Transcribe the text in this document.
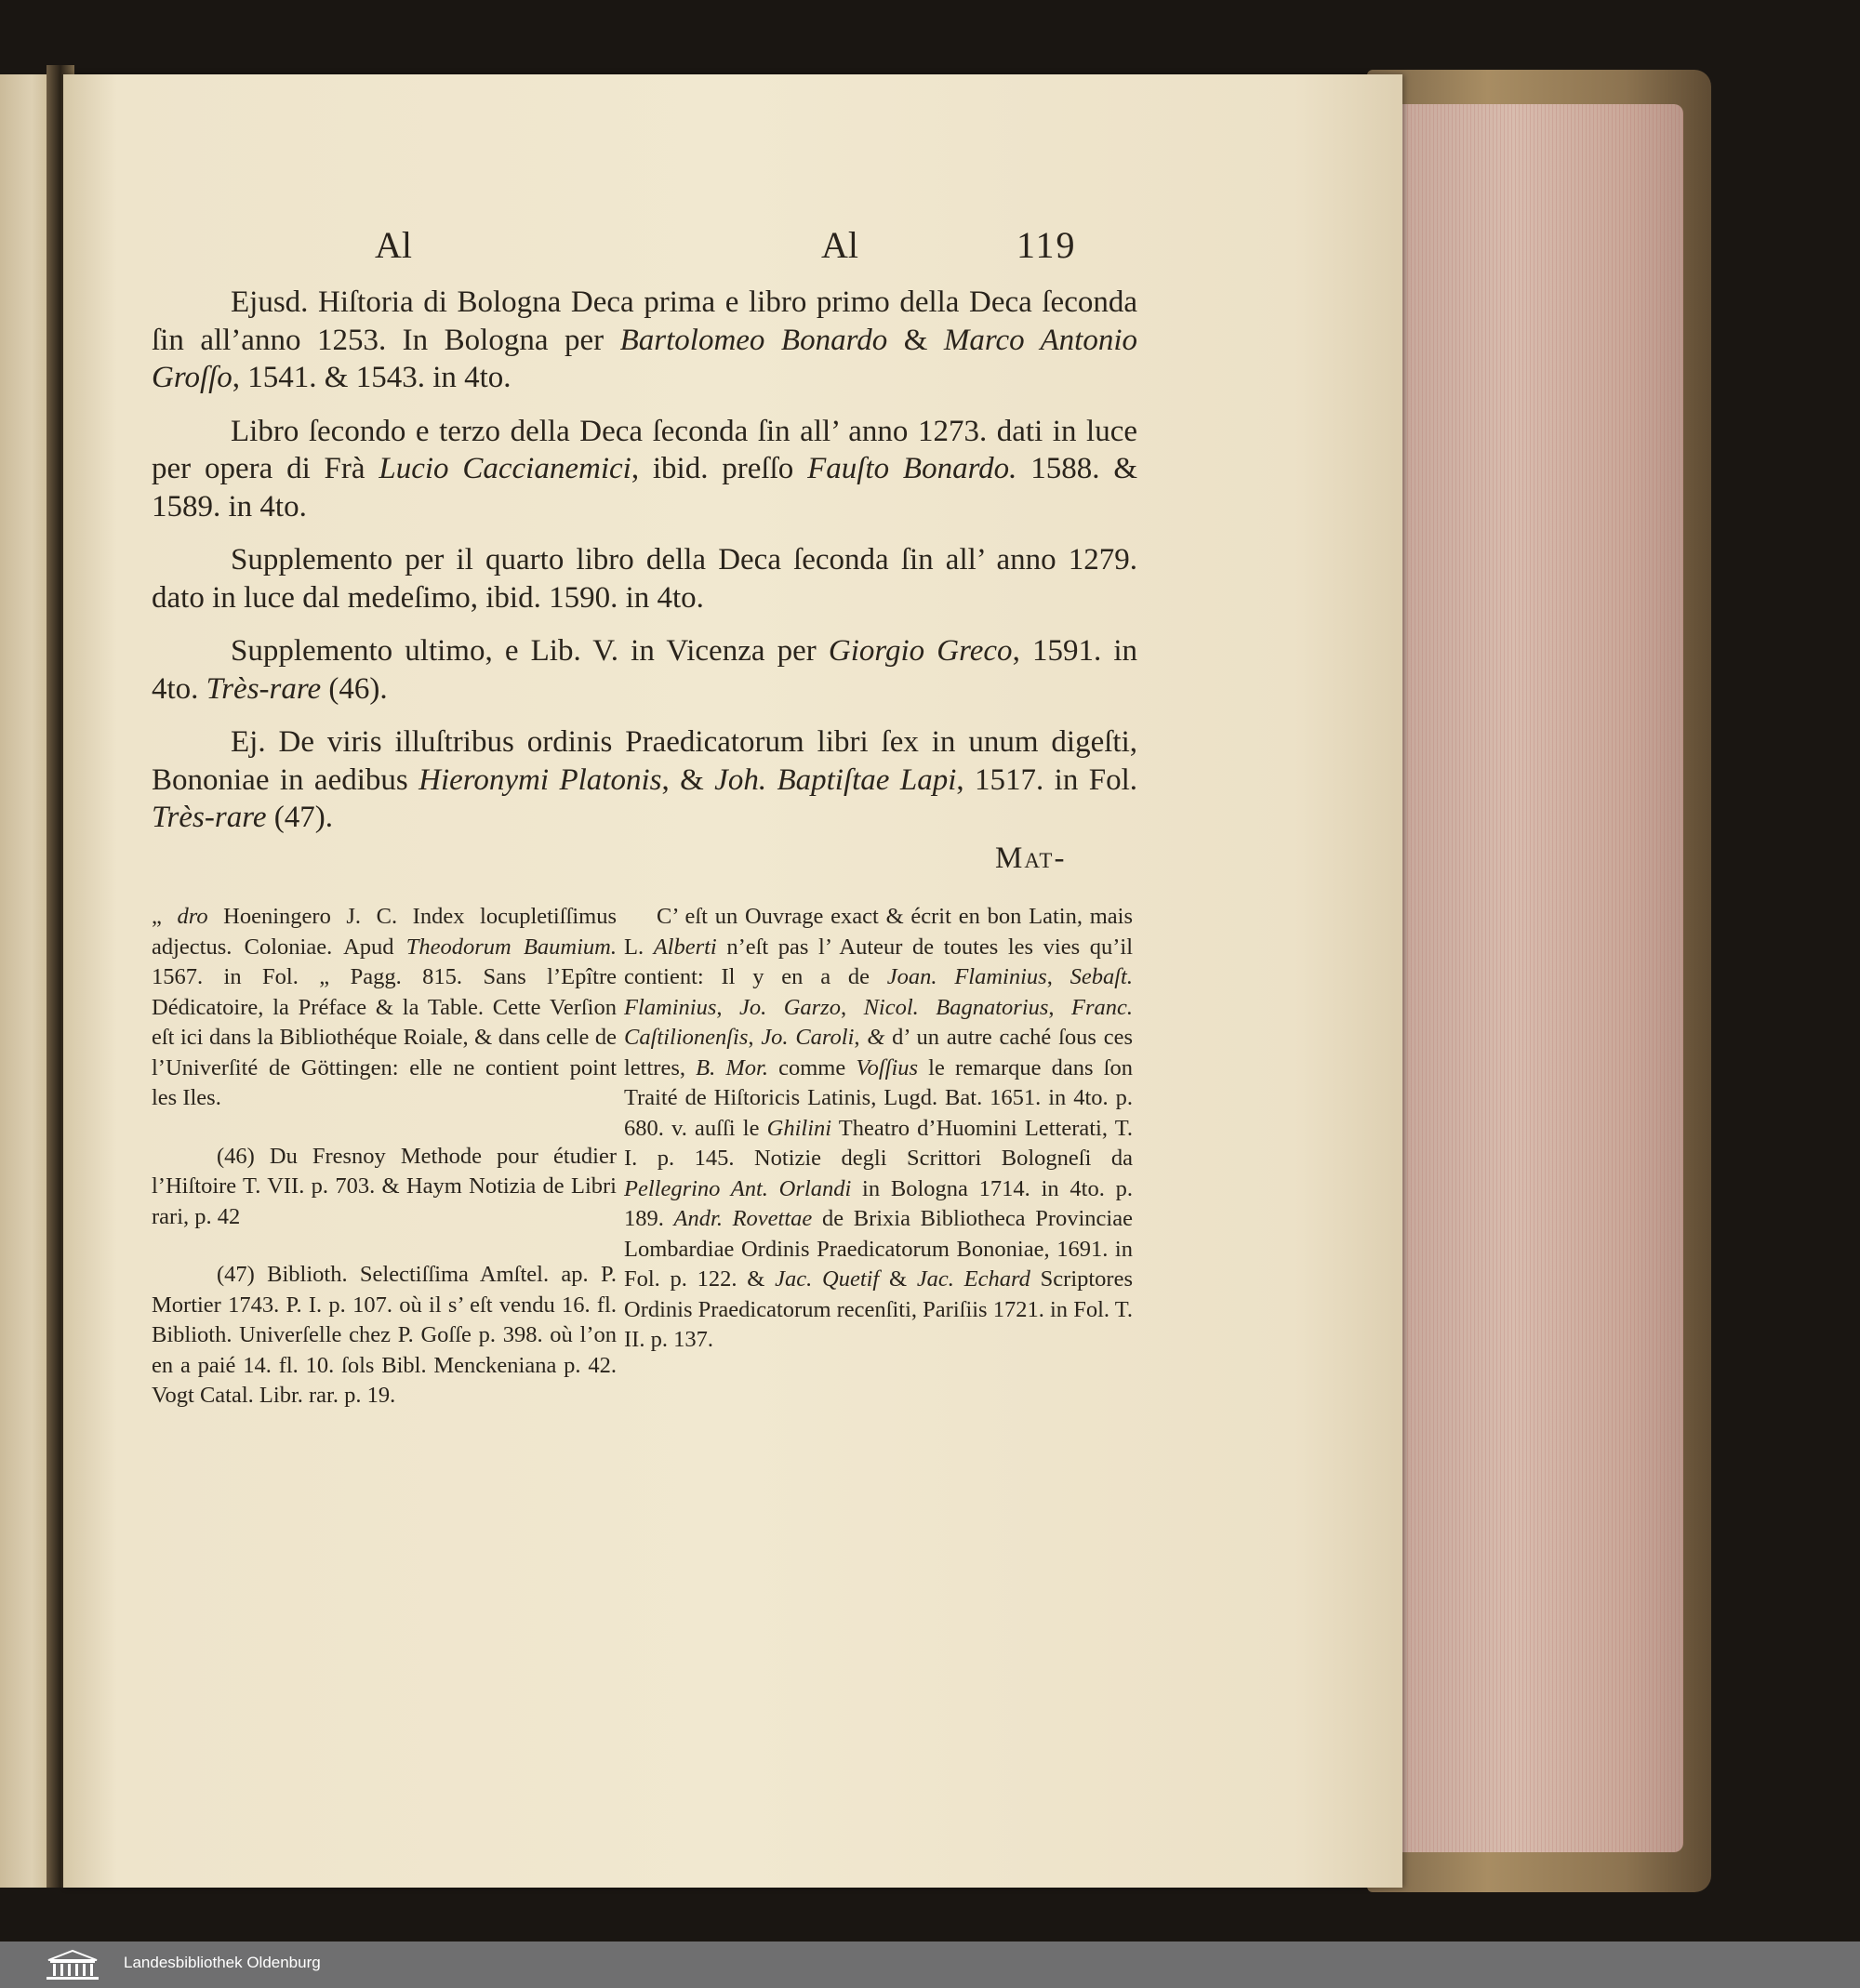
Al	Al	119

Ejusd. Hiſtoria di Bologna Deca prima e libro primo della Deca ſeconda ſin all’anno 1253. In Bologna per Bartolomeo Bonardo & Marco Antonio Groſſo, 1541. & 1543. in 4to.

Libro ſecondo e terzo della Deca ſeconda ſin all’ anno 1273. dati in luce per opera di Frà Lucio Caccianemici, ibid. preſſo Fauſto Bonardo. 1588. & 1589. in 4to.

Supplemento per il quarto libro della Deca ſeconda ſin all’ anno 1279. dato in luce dal medeſimo, ibid. 1590. in 4to.

Supplemento ultimo, e Lib. V. in Vicenza per Giorgio Greco, 1591. in 4to. Très-rare (46).

Ej. De viris illuſtribus ordinis Praedicatorum libri ſex in unum digeſti, Bononiae in aedibus Hieronymi Platonis, & Joh. Baptiſtae Lapi, 1517. in Fol. Très-rare (47).

Mat-

„ dro Hoeningero J. C. Index locupletiſſimus adjectus. Coloniae. Apud Theodorum Baumium. 1567. in Fol. „ Pagg. 815. Sans l’Epître Dédicatoire, la Préface & la Table. Cette Verſion eſt ici dans la Bibliothéque Roiale, & dans celle de l’Univerſité de Göttingen: elle ne contient point les Iles.

(46) Du Fresnoy Methode pour étudier l’Hiſtoire T. VII. p. 703. & Haym Notizia de Libri rari, p. 42

(47) Biblioth. Selectiſſima Amſtel. ap. P. Mortier 1743. P. I. p. 107. où il s’ eſt vendu 16. fl. Biblioth. Univerſelle chez P. Goſſe p. 398. où l’on en a paié 14. fl. 10. ſols Bibl. Menckeniana p. 42. Vogt Catal. Libr. rar. p. 19.

C’ eſt un Ouvrage exact & écrit en bon Latin, mais L. Alberti n’eſt pas l’ Auteur de toutes les vies qu’il contient: Il y en a de Joan. Flaminius, Sebaſt. Flaminius, Jo. Garzo, Nicol. Bagnatorius, Franc. Caſtilionenſis, Jo. Caroli, & d’ un autre caché ſous ces lettres, B. Mor. comme Voſſius le remarque dans ſon Traité de Hiſtoricis Latinis, Lugd. Bat. 1651. in 4to. p. 680. v. auſſi le Ghilini Theatro d’Huomini Letterati, T. I. p. 145. Notizie degli Scrittori Bologneſi da Pellegrino Ant. Orlandi in Bologna 1714. in 4to. p. 189. Andr. Rovettae de Brixia Bibliotheca Provinciae Lombardiae Ordinis Praedicatorum Bononiae, 1691. in Fol. p. 122. & Jac. Quetif & Jac. Echard Scriptores Ordinis Praedicatorum recenſiti, Pariſiis 1721. in Fol. T. II. p. 137.

Landesbibliothek Oldenburg
